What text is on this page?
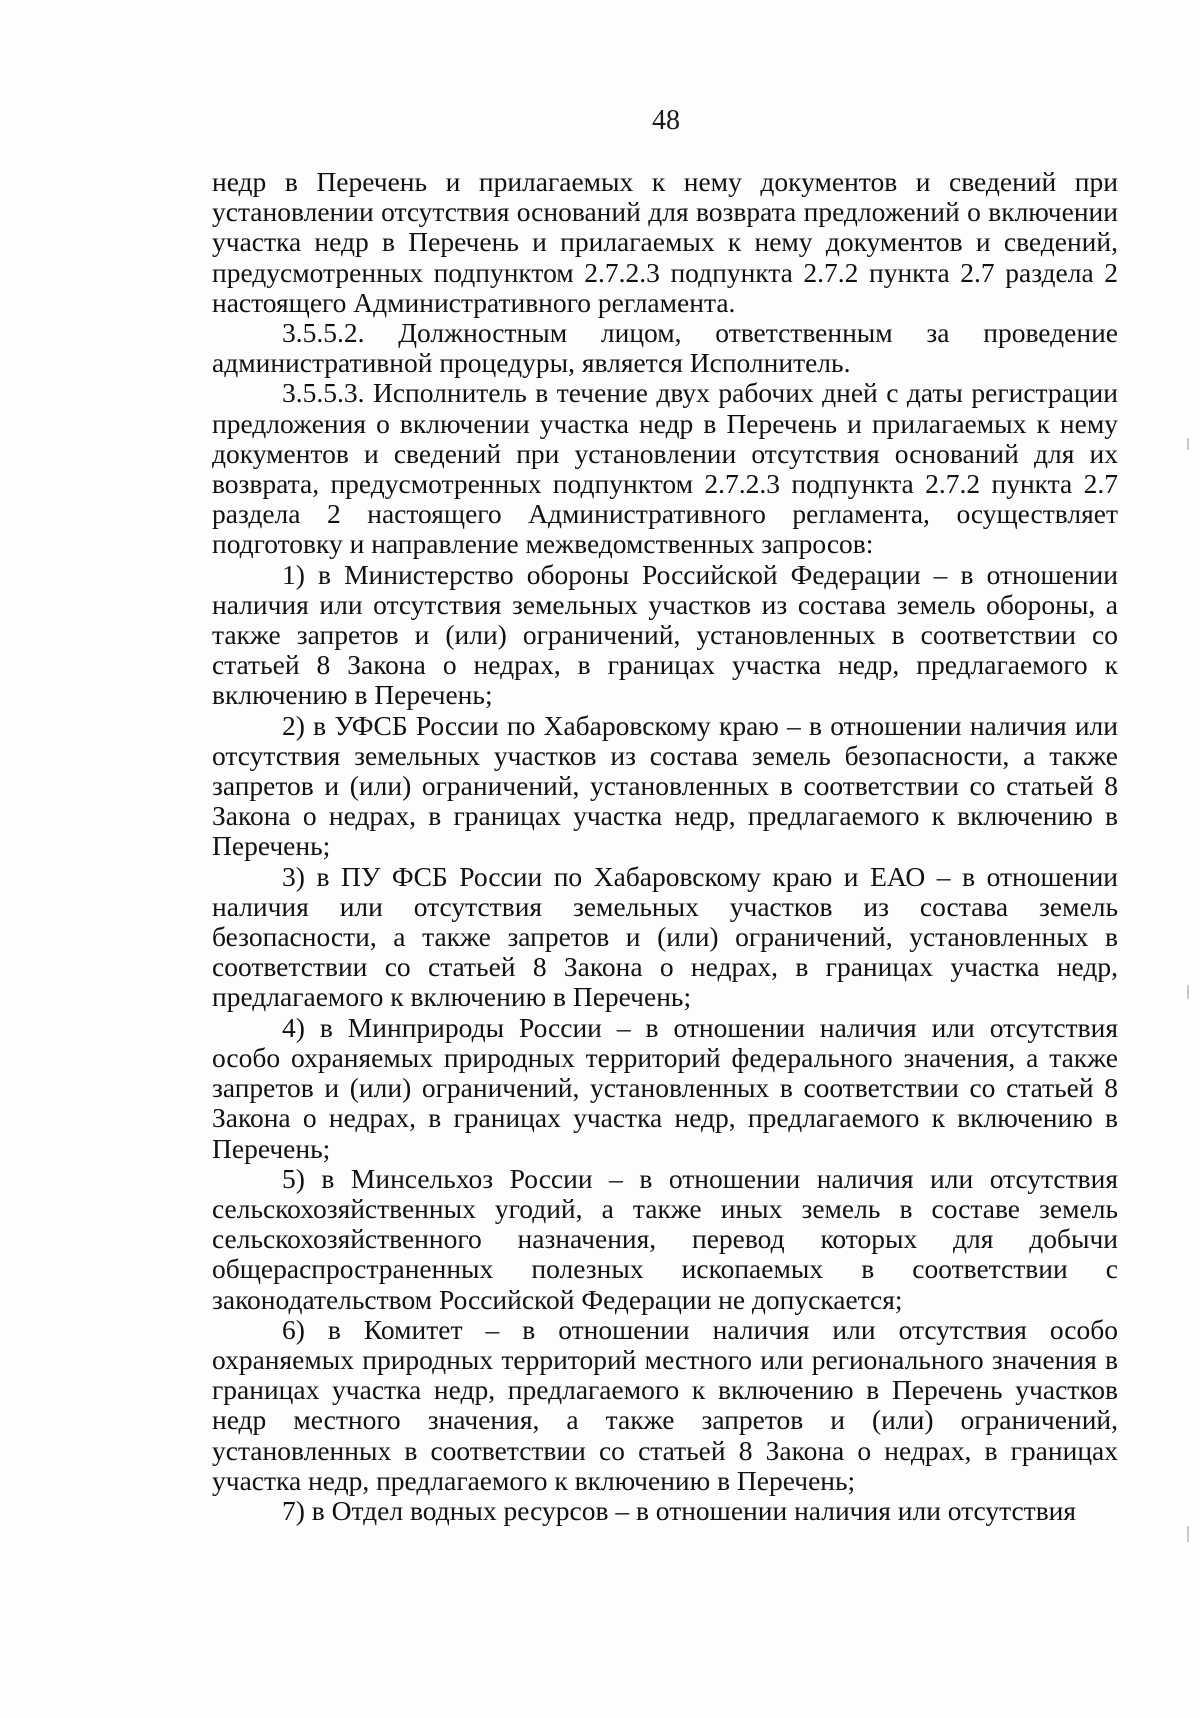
48

недр в Перечень и прилагаемых к нему документов и сведений при установлении отсутствия оснований для возврата предложений о включении участка недр в Перечень и прилагаемых к нему документов и сведений, предусмотренных подпунктом 2.7.2.3 подпункта 2.7.2 пункта 2.7 раздела 2 настоящего Административного регламента.

3.5.5.2. Должностным лицом, ответственным за проведение административной процедуры, является Исполнитель.

3.5.5.3. Исполнитель в течение двух рабочих дней с даты регистрации предложения о включении участка недр в Перечень и прилагаемых к нему документов и сведений при установлении отсутствия оснований для их возврата, предусмотренных подпунктом 2.7.2.3 подпункта 2.7.2 пункта 2.7 раздела 2 настоящего Административного регламента, осуществляет подготовку и направление межведомственных запросов:

1) в Министерство обороны Российской Федерации – в отношении наличия или отсутствия земельных участков из состава земель обороны, а также запретов и (или) ограничений, установленных в соответствии со статьей 8 Закона о недрах, в границах участка недр, предлагаемого к включению в Перечень;

2) в УФСБ России по Хабаровскому краю – в отношении наличия или отсутствия земельных участков из состава земель безопасности, а также запретов и (или) ограничений, установленных в соответствии со статьей 8 Закона о недрах, в границах участка недр, предлагаемого к включению в Перечень;

3) в ПУ ФСБ России по Хабаровскому краю и ЕАО – в отношении наличия или отсутствия земельных участков из состава земель безопасности, а также запретов и (или) ограничений, установленных в соответствии со статьей 8 Закона о недрах, в границах участка недр, предлагаемого к включению в Перечень;

4) в Минприроды России – в отношении наличия или отсутствия особо охраняемых природных территорий федерального значения, а также запретов и (или) ограничений, установленных в соответствии со статьей 8 Закона о недрах, в границах участка недр, предлагаемого к включению в Перечень;

5) в Минсельхоз России – в отношении наличия или отсутствия сельскохозяйственных угодий, а также иных земель в составе земель сельскохозяйственного назначения, перевод которых для добычи общераспространенных полезных ископаемых в соответствии с законодательством Российской Федерации не допускается;

6) в Комитет – в отношении наличия или отсутствия особо охраняемых природных территорий местного или регионального значения в границах участка недр, предлагаемого к включению в Перечень участков недр местного значения, а также запретов и (или) ограничений, установленных в соответствии со статьей 8 Закона о недрах, в границах участка недр, предлагаемого к включению в Перечень;

7) в Отдел водных ресурсов – в отношении наличия или отсутствия
